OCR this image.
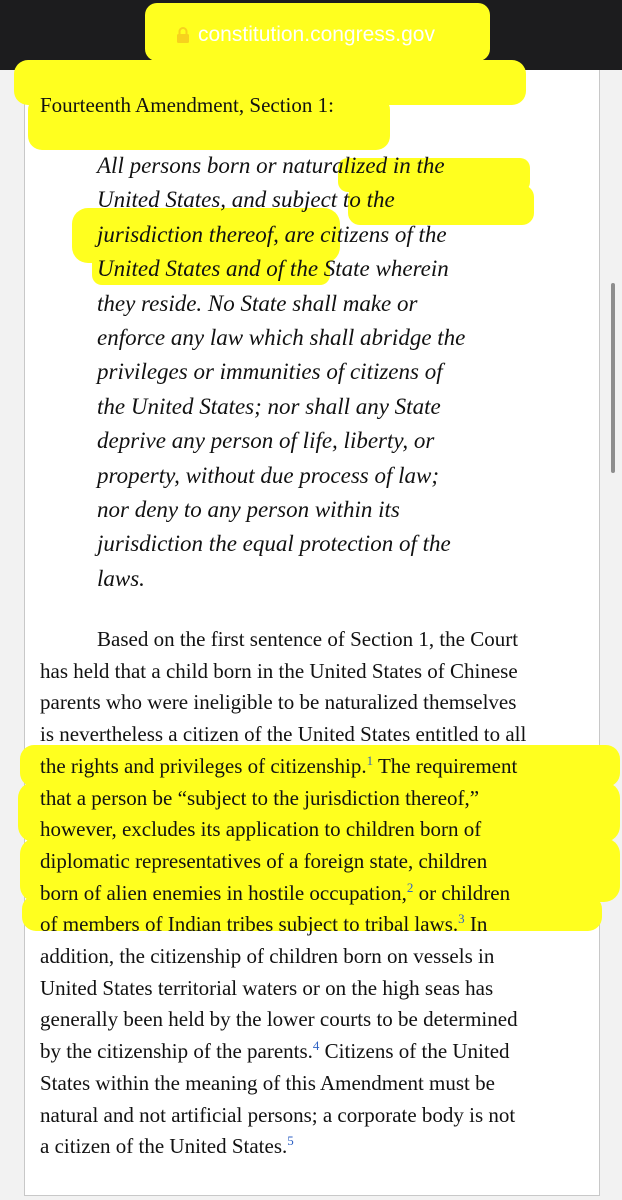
constitution.congress.gov
Fourteenth Amendment, Section 1:
All persons born or naturalized in the
United States, and subject to the
jurisdiction thereof, are citizens of the
United States and of the State wherein
they reside. No State shall make or
enforce any law which shall abridge the
privileges or immunities of citizens of
the United States; nor shall any State
deprive any person of life, liberty, or
property, without due process of law;
nor deny to any person within its
jurisdiction the equal protection of the
laws.

Based on the first sentence of Section 1, the Court

has held that a child born in the United States of Chinese
parents who were ineligible to be naturalized themselves
is nevertheless a citizen of the United States entitled to all
the rights and privileges of citizenship.$^1$ The requirement
that a person be “subject to the jurisdiction thereof,”
however, excludes its application to children born of
diplomatic representatives of a foreign state, children
born of alien enemies in hostile occupation,$^2$ or children
of members of Indian tribes subject to tribal laws.$^3$ In
addition, the citizenship of children born on vessels in
United States territorial waters or on the high seas has
generally been held by the lower courts to be determined
by the citizenship of the parents.$^4$ Citizens of the United
States within the meaning of this Amendment must be
natural and not artificial persons; a corporate body is not
a citizen of the United States.$^5$
